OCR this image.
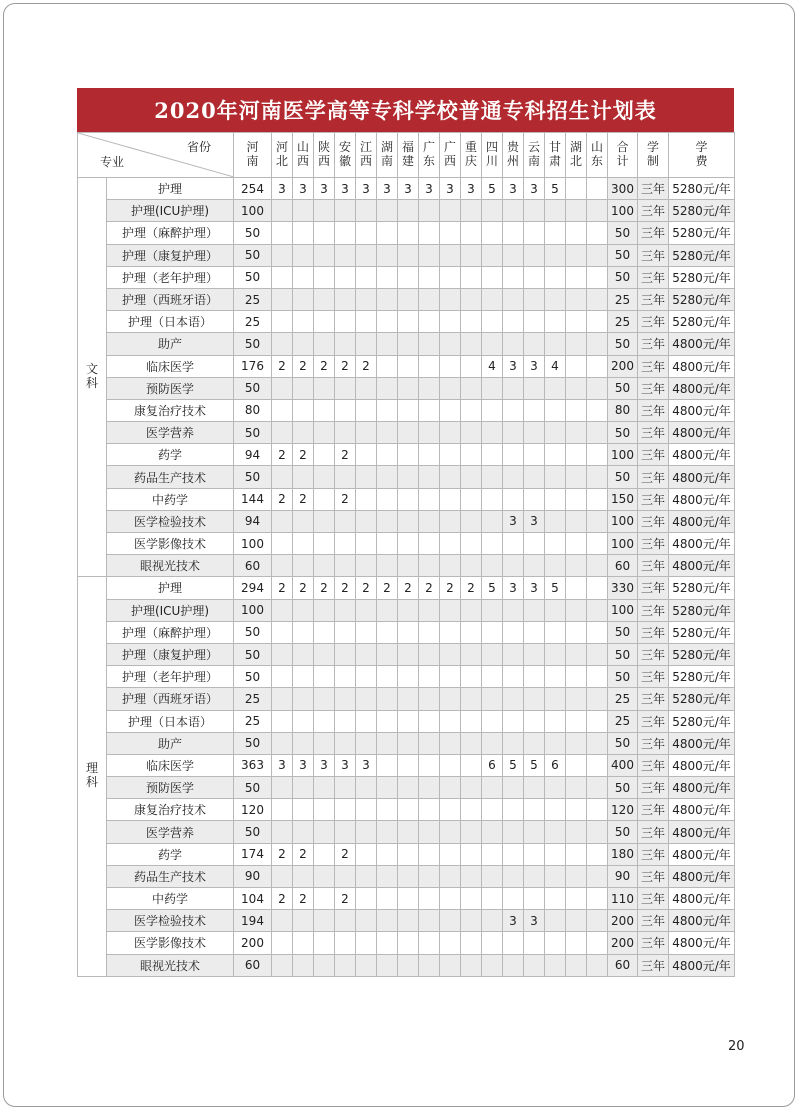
2020年河南医学高等专科学校普通专科招生计划表
省份
专业		河南	河北	山西	陕西	安徽	江西	湖南	福建	广东	广西	重庆	四川	贵州	云南	甘肃	湖北	山东	合计	学制	学费
文科	护理	254	3	3	3	3	3	3	3	3	3	3	5	3	3	5			300	三年	5280元/年
	护理(ICU护理)	100																	100	三年	5280元/年
	护理（麻醉护理）	50																	50	三年	5280元/年
	护理（康复护理）	50																	50	三年	5280元/年
	护理（老年护理）	50																	50	三年	5280元/年
	护理（西班牙语）	25																	25	三年	5280元/年
	护理（日本语）	25																	25	三年	5280元/年
	助产	50																	50	三年	4800元/年
	临床医学	176	2	2	2	2	2						4	3	3	4			200	三年	4800元/年
	预防医学	50																	50	三年	4800元/年
	康复治疗技术	80																	80	三年	4800元/年
	医学营养	50																	50	三年	4800元/年
	药学	94	2	2		2													100	三年	4800元/年
	药品生产技术	50																	50	三年	4800元/年
	中药学	144	2	2		2													150	三年	4800元/年
	医学检验技术	94												3	3				100	三年	4800元/年
	医学影像技术	100																	100	三年	4800元/年
	眼视光技术	60																	60	三年	4800元/年
理科	护理	294	2	2	2	2	2	2	2	2	2	2	5	3	3	5			330	三年	5280元/年
	护理(ICU护理)	100																	100	三年	5280元/年
	护理（麻醉护理）	50																	50	三年	5280元/年
	护理（康复护理）	50																	50	三年	5280元/年
	护理（老年护理）	50																	50	三年	5280元/年
	护理（西班牙语）	25																	25	三年	5280元/年
	护理（日本语）	25																	25	三年	5280元/年
	助产	50																	50	三年	4800元/年
	临床医学	363	3	3	3	3	3						6	5	5	6			400	三年	4800元/年
	预防医学	50																	50	三年	4800元/年
	康复治疗技术	120																	120	三年	4800元/年
	医学营养	50																	50	三年	4800元/年
	药学	174	2	2		2													180	三年	4800元/年
	药品生产技术	90																	90	三年	4800元/年
	中药学	104	2	2		2													110	三年	4800元/年
	医学检验技术	194												3	3				200	三年	4800元/年
	医学影像技术	200																	200	三年	4800元/年
	眼视光技术	60																	60	三年	4800元/年
20
